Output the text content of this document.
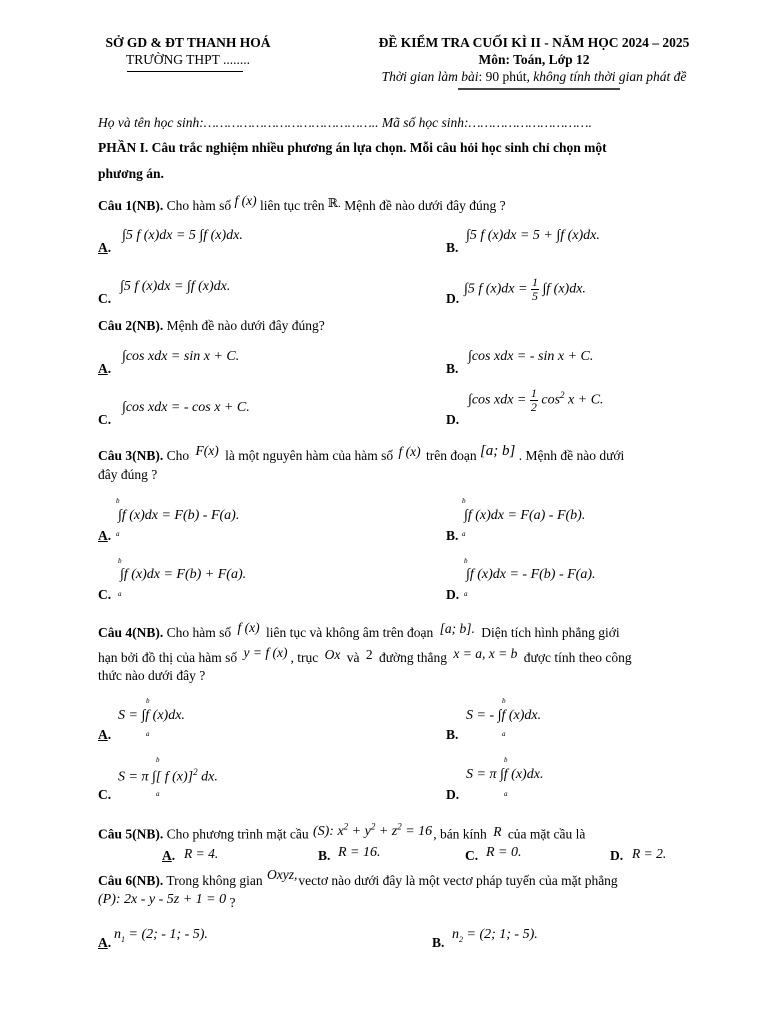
SỞ GD & ĐT THANH HOÁ
TRƯỜNG THPT ........
ĐỀ KIỂM TRA CUỐI KÌ II - NĂM HỌC 2024 – 2025
Môn: Toán, Lớp 12
Thời gian làm bài: 90 phút, không tính thời gian phát đề
Họ và tên học sinh:…………………………………….. Mã số học sinh:………………………….
PHẦN I. Câu trắc nghiệm nhiều phương án lựa chọn. Mỗi câu hỏi học sinh chỉ chọn một
phương án.
Câu 1(NB). Cho hàm số f (x) liên tục trên ℝ. Mệnh đề nào dưới đây đúng ?
A.
∫5 f (x)dx = 5 ∫f (x)dx.
B.
∫5 f (x)dx = 5 + ∫f (x)dx.
C.
∫5 f (x)dx = ∫f (x)dx.
D.
∫5 f $(x)dx = \frac{1}{5} \int f$ (x)dx.
Câu 2(NB). Mệnh đề nào dưới đây đúng?
A.
∫cos xdx = sin x + C.
B.
∫cos xdx = - sin x + C.
C.
∫cos xdx = - cos x + C.
D.
∫cos xdx = $\frac{1}{2} \cos^2 x + C$.
Câu 3(NB). Cho F(x) là một nguyên hàm của hàm số f (x) trên đoạn [a; b] . Mệnh đề nào dưới
đây đúng ?
b
a
A.
∫f (x)dx = F(b) - F(a).
b
a
B.
∫f (x)dx = F(a) - F(b).
b
a
C.
∫f (x)dx = F(b) + F(a).
b
a
D.
∫f (x)dx = - F(b) - F(a).
Câu 4(NB). Cho hàm số f (x) liên tục và không âm trên đoạn [a; b]. Diện tích hình phẳng giới
hạn bởi đồ thị của hàm số y = f (x) , trục Ox và 2 đường thẳng x = a, x = b được tính theo công
thức nào dưới đây ?
b
a
A.
S = ∫f (x)dx.
b
a
B.
S = - ∫f (x)dx.
b
a
C.
S = π ∫[ f (x)]$^2$ dx.
b
a
D.
S = π ∫f (x)dx.
Câu 5(NB). Cho phương trình mặt cầu (S): $x^2 + y^2 + z^2 = 16$, bán kính R của mặt cầu là
A. R = 4.	B. R = 16.	C. R = 0.	D. R = 2.
Câu 6(NB). Trong không gian Oxyz,vectơ nào dưới đây là một vectơ pháp tuyến của mặt phẳng
(P): 2x - y - 5z + 1 = 0 ?
A.
$n_1 = (2$; - 1; - 5).
B.
$n_2 = (2$; 1; - 5).
